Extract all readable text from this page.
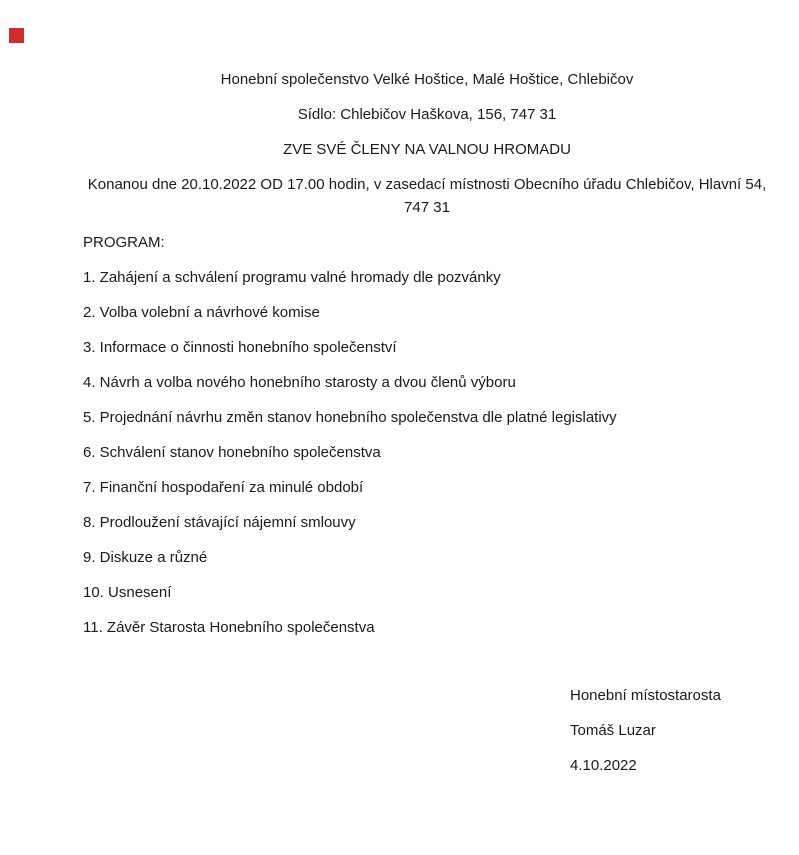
Honební společenstvo Velké Hoštice, Malé Hoštice, Chlebičov

Sídlo: Chlebičov Haškova, 156, 747 31

ZVE SVÉ ČLENY NA VALNOU HROMADU

Konanou dne 20.10.2022 OD 17.00 hodin, v zasedací místnosti Obecního úřadu Chlebičov, Hlavní 54,
747 31

PROGRAM:

1. Zahájení a schválení programu valné hromady dle pozvánky

2. Volba volební a návrhové komise

3. Informace o činnosti honebního společenství

4. Návrh a volba nového honebního starosty a dvou členů výboru

5. Projednání návrhu změn stanov honebního společenstva dle platné legislativy

6. Schválení stanov honebního společenstva

7. Finanční hospodaření za minulé období

8. Prodloužení stávající nájemní smlouvy

9. Diskuze a různé

10. Usnesení

11. Závěr Starosta Honebního společenstva

Honební místostarosta

Tomáš Luzar

4.10.2022
